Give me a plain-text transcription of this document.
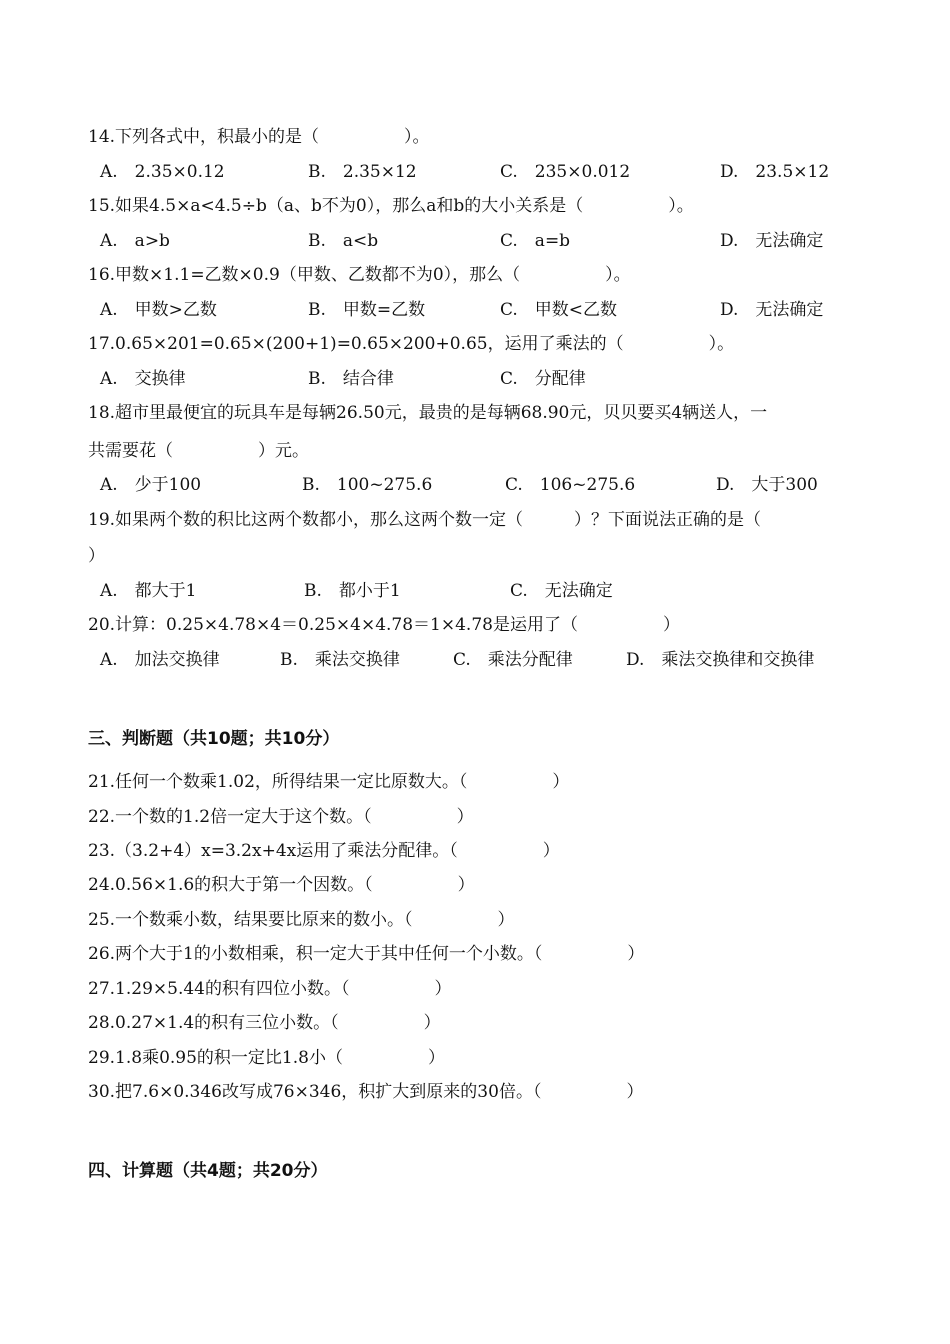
14.下列各式中，积最小的是（　　　　　）。
A.　2.35×0.12	B.　2.35×12	C.　235×0.012	D.　23.5×12
15.如果4.5×a<4.5÷b（a、b不为0），那么a和b的大小关系是（　　　　　）。
A.　a>b	B.　a<b	C.　a=b	D.　无法确定
16.甲数×1.1=乙数×0.9（甲数、乙数都不为0），那么（　　　　　）。
A.　甲数>乙数	B.　甲数=乙数	C.　甲数<乙数	D.　无法确定
17.0.65×201=0.65×(200+1)=0.65×200+0.65，运用了乘法的（　　　　　）。
A.　交换律	B.　结合律	C.　分配律
18.超市里最便宜的玩具车是每辆26.50元，最贵的是每辆68.90元，贝贝要买4辆送人，一
共需要花（　　　　　）元。
A.　少于100	B.　100~275.6	C.　106~275.6	D.　大于300
19.如果两个数的积比这两个数都小，那么这两个数一定（　　　）？下面说法正确的是（
）
A.　都大于1	B.　都小于1	C.　无法确定
20.计算：0.25×4.78×4＝0.25×4×4.78＝1×4.78是运用了（　　　　　）
A.　加法交换律	B.　乘法交换律	C.　乘法分配律	D.　乘法交换律和交换律
三、判断题（共10题；共10分）
21.任何一个数乘1.02，所得结果一定比原数大。（　　　　　）
22.一个数的1.2倍一定大于这个数。（　　　　　）
23.（3.2+4）x=3.2x+4x运用了乘法分配律。（　　　　　）
24.0.56×1.6的积大于第一个因数。（　　　　　）
25.一个数乘小数，结果要比原来的数小。（　　　　　）
26.两个大于1的小数相乘，积一定大于其中任何一个小数。（　　　　　）
27.1.29×5.44的积有四位小数。（　　　　　）
28.0.27×1.4的积有三位小数。（　　　　　）
29.1.8乘0.95的积一定比1.8小（　　　　　）
30.把7.6×0.346改写成76×346，积扩大到原来的30倍。（　　　　　）
四、计算题（共4题；共20分）
